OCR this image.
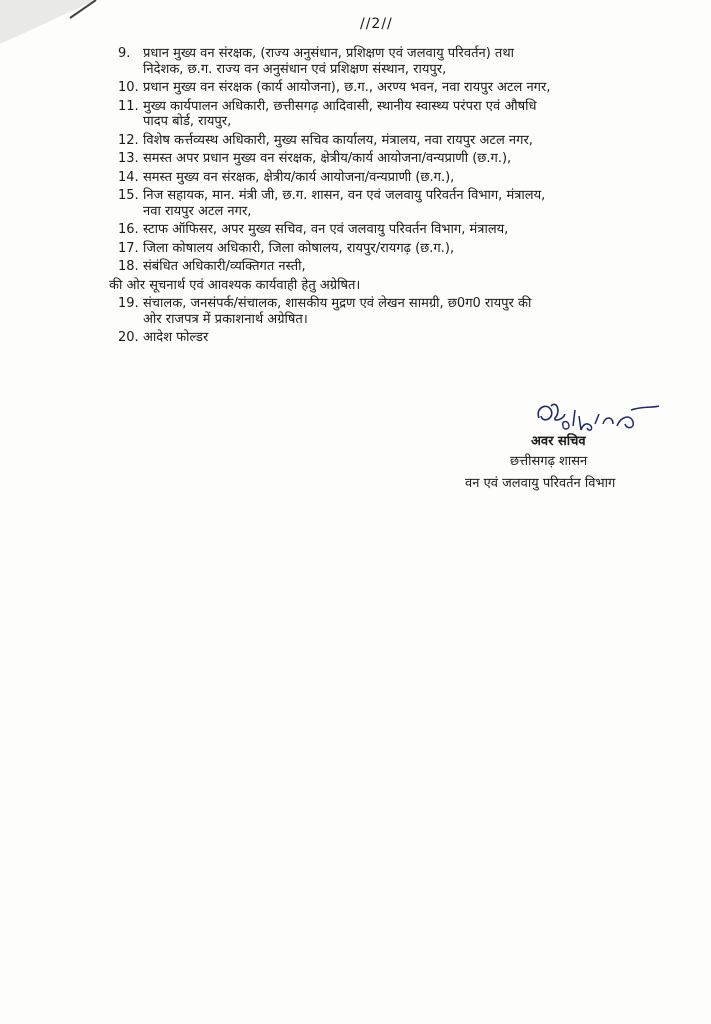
//2//
9. प्रधान मुख्य वन संरक्षक, (राज्य अनुसंधान, प्रशिक्षण एवं जलवायु परिवर्तन) तथा
निदेशक, छ.ग. राज्य वन अनुसंधान एवं प्रशिक्षण संस्थान, रायपुर,
10. प्रधान मुख्य वन संरक्षक (कार्य आयोजना), छ.ग., अरण्य भवन, नवा रायपुर अटल नगर,
11. मुख्य कार्यपालन अधिकारी, छत्तीसगढ़ आदिवासी, स्थानीय स्वास्थ्य परंपरा एवं औषधि
पादप बोर्ड, रायपुर,
12. विशेष कर्त्तव्यस्थ अधिकारी, मुख्य सचिव कार्यालय, मंत्रालय, नवा रायपुर अटल नगर,
13. समस्त अपर प्रधान मुख्य वन संरक्षक, क्षेत्रीय/कार्य आयोजना/वन्यप्राणी (छ.ग.),
14. समस्त मुख्य वन संरक्षक, क्षेत्रीय/कार्य आयोजना/वन्यप्राणी (छ.ग.),
15. निज सहायक, मान. मंत्री जी, छ.ग. शासन, वन एवं जलवायु परिवर्तन विभाग, मंत्रालय,
नवा रायपुर अटल नगर,
16. स्टाफ ऑफिसर, अपर मुख्य सचिव, वन एवं जलवायु परिवर्तन विभाग, मंत्रालय,
17. जिला कोषालय अधिकारी, जिला कोषालय, रायपुर/रायगढ़ (छ.ग.),
18. संबंधित अधिकारी/व्यक्तिगत नस्ती,
की ओर सूचनार्थ एवं आवश्यक कार्यवाही हेतु अग्रेषित।
19. संचालक, जनसंपर्क/संचालक, शासकीय मुद्रण एवं लेखन सामग्री, छ0ग0 रायपुर की
ओर राजपत्र में प्रकाशनार्थ अग्रेषित।
20. आदेश फोल्डर
अवर सचिव
छत्तीसगढ़ शासन
वन एवं जलवायु परिवर्तन विभाग
